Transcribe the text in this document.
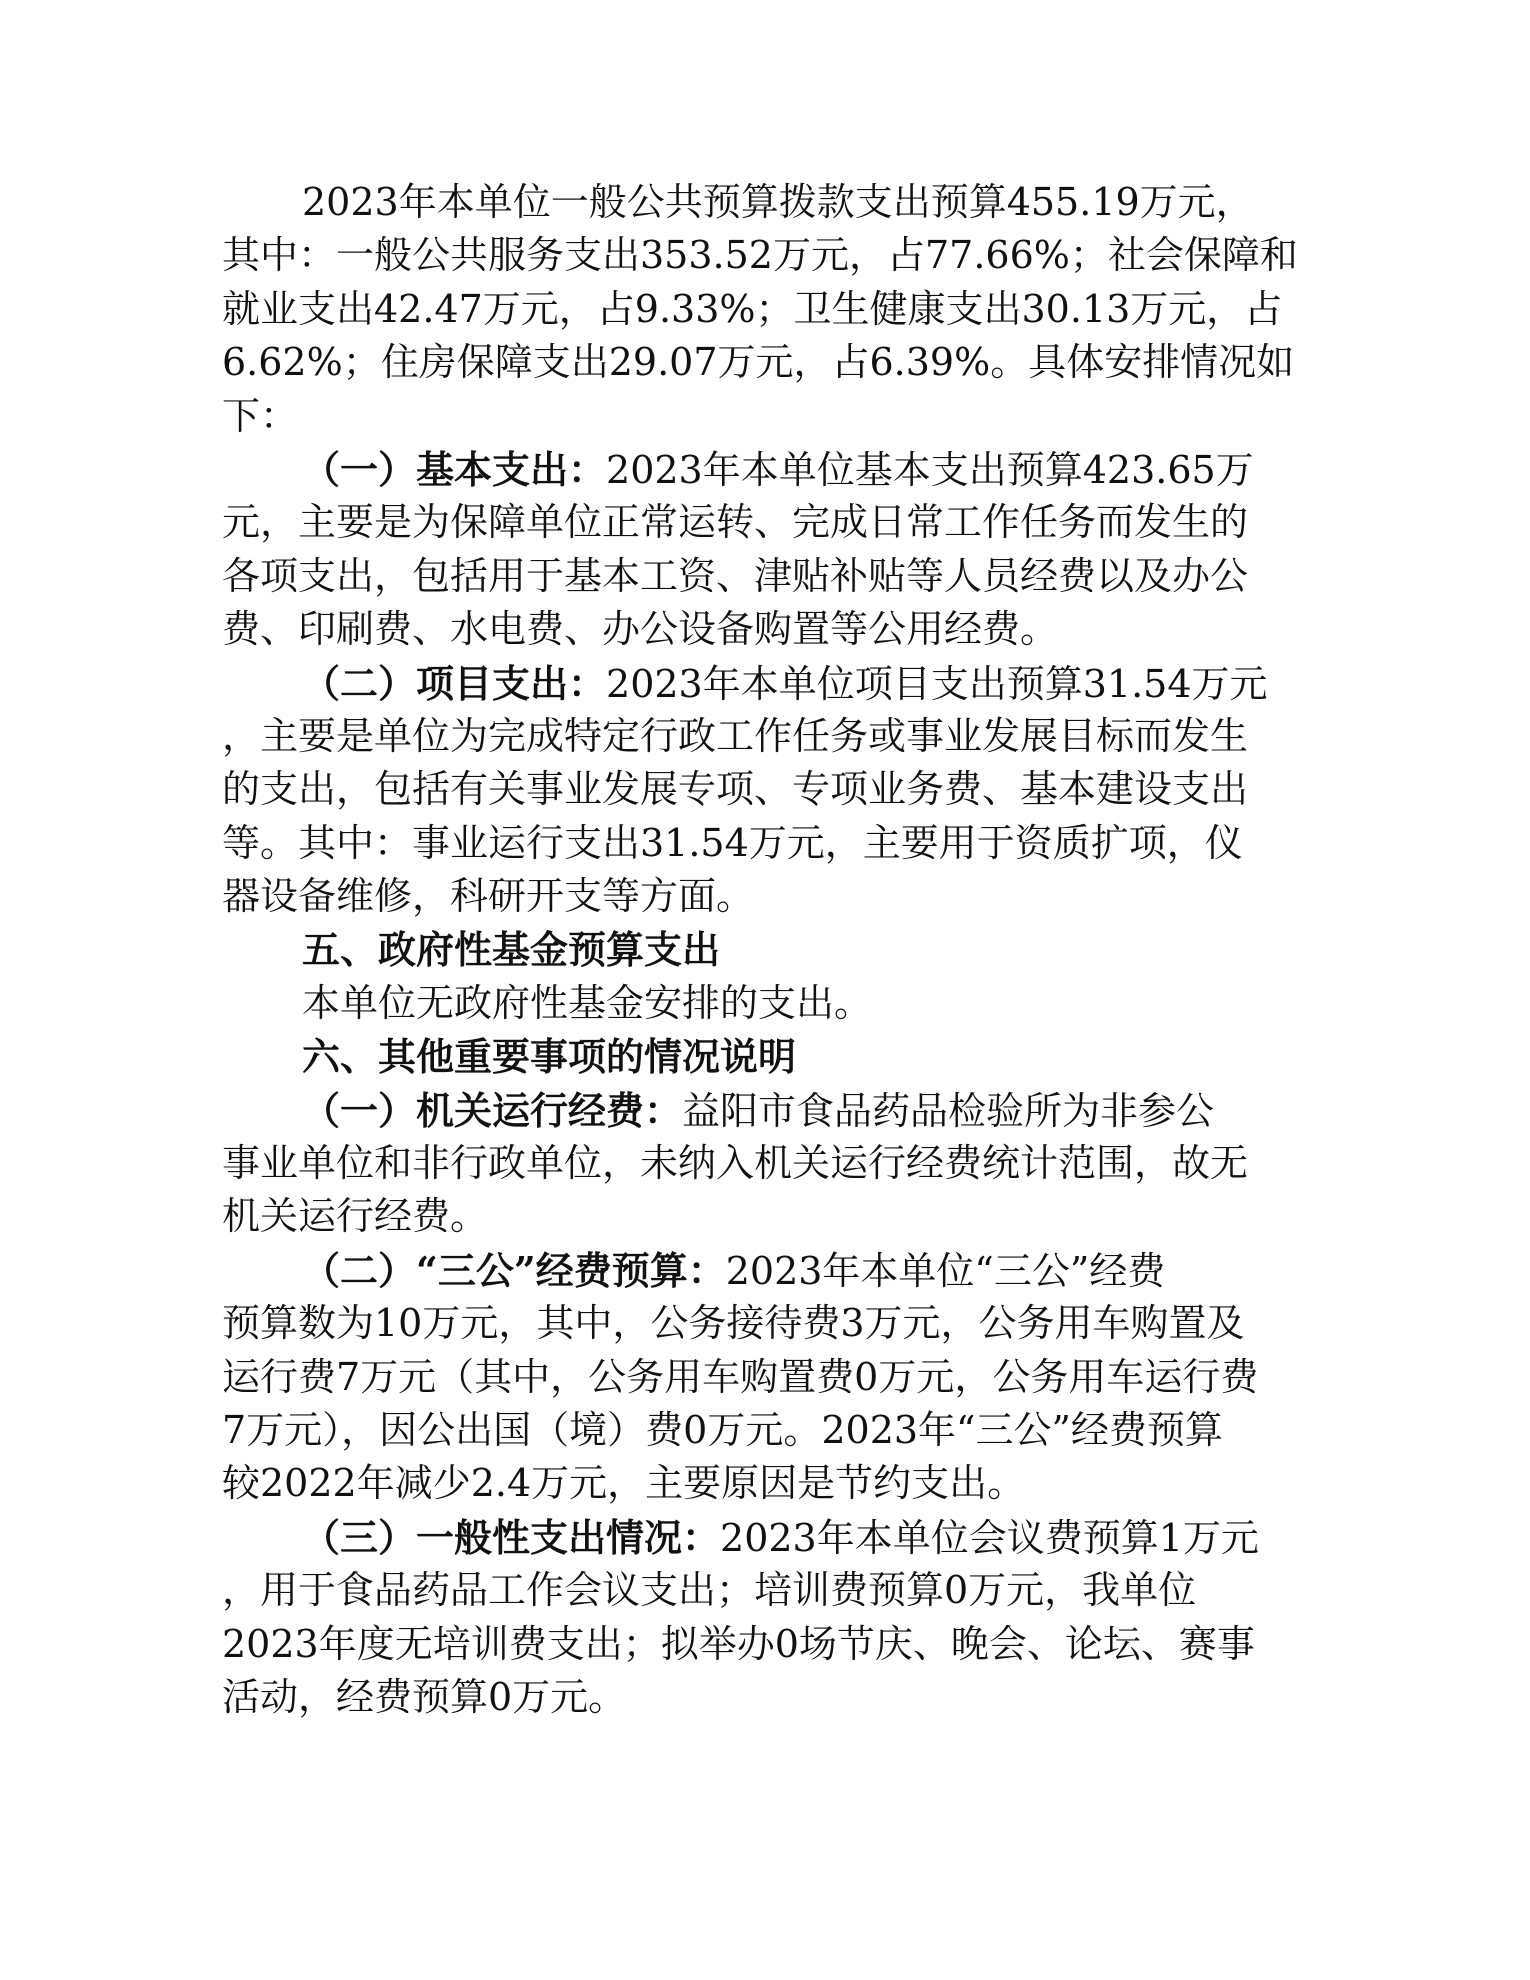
2023年本单位一般公共预算拨款支出预算455.19万元，
其中：一般公共服务支出353.52万元，占77.66%；社会保障和
就业支出42.47万元，占9.33%；卫生健康支出30.13万元，占
6.62%；住房保障支出29.07万元，占6.39%。具体安排情况如
下：
（一）基本支出：2023年本单位基本支出预算423.65万
元，主要是为保障单位正常运转、完成日常工作任务而发生的
各项支出，包括用于基本工资、津贴补贴等人员经费以及办公
费、印刷费、水电费、办公设备购置等公用经费。
（二）项目支出：2023年本单位项目支出预算31.54万元
，主要是单位为完成特定行政工作任务或事业发展目标而发生
的支出，包括有关事业发展专项、专项业务费、基本建设支出
等。其中：事业运行支出31.54万元，主要用于资质扩项，仪
器设备维修，科研开支等方面。
五、政府性基金预算支出
本单位无政府性基金安排的支出。
六、其他重要事项的情况说明
（一）机关运行经费：益阳市食品药品检验所为非参公
事业单位和非行政单位，未纳入机关运行经费统计范围，故无
机关运行经费。
（二）“三公”经费预算：2023年本单位“三公”经费
预算数为10万元，其中，公务接待费3万元，公务用车购置及
运行费7万元（其中，公务用车购置费0万元，公务用车运行费
7万元），因公出国（境）费0万元。2023年“三公”经费预算
较2022年减少2.4万元，主要原因是节约支出。
（三）一般性支出情况：2023年本单位会议费预算1万元
，用于食品药品工作会议支出；培训费预算0万元，我单位
2023年度无培训费支出；拟举办0场节庆、晚会、论坛、赛事
活动，经费预算0万元。
